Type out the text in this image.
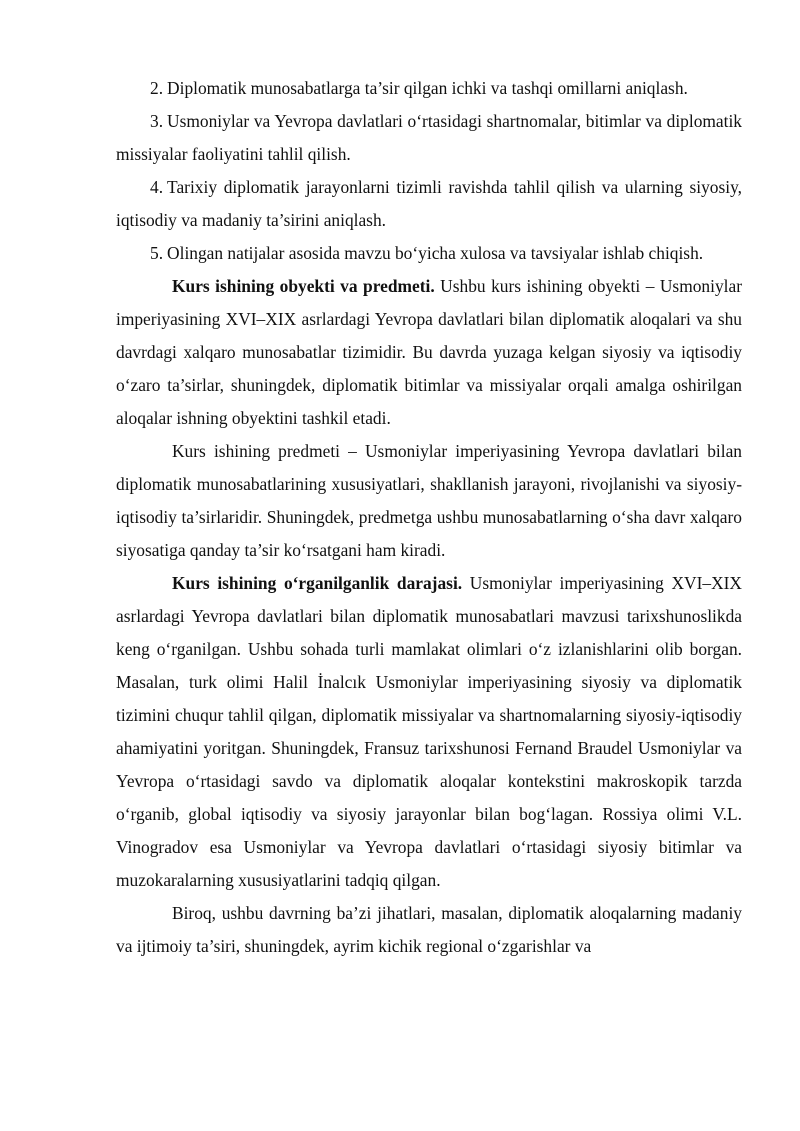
2. Diplomatik munosabatlarga ta’sir qilgan ichki va tashqi omillarni aniqlash.

3. Usmoniylar va Yevropa davlatlari o‘rtasidagi shartnomalar, bitimlar va diplomatik missiyalar faoliyatini tahlil qilish.

4. Tarixiy diplomatik jarayonlarni tizimli ravishda tahlil qilish va ularning siyosiy, iqtisodiy va madaniy ta’sirini aniqlash.

5. Olingan natijalar asosida mavzu bo‘yicha xulosa va tavsiyalar ishlab chiqish.

Kurs ishining obyekti va predmeti. Ushbu kurs ishining obyekti – Usmoniylar imperiyasining XVI–XIX asrlardagi Yevropa davlatlari bilan diplomatik aloqalari va shu davrdagi xalqaro munosabatlar tizimidir. Bu davrda yuzaga kelgan siyosiy va iqtisodiy o‘zaro ta’sirlar, shuningdek, diplomatik bitimlar va missiyalar orqali amalga oshirilgan aloqalar ishning obyektini tashkil etadi.

Kurs ishining predmeti – Usmoniylar imperiyasining Yevropa davlatlari bilan diplomatik munosabatlarining xususiyatlari, shakllanish jarayoni, rivojlanishi va siyosiy-iqtisodiy ta’sirlaridir. Shuningdek, predmetga ushbu munosabatlarning o‘sha davr xalqaro siyosatiga qanday ta’sir ko‘rsatgani ham kiradi.

Kurs ishining o‘rganilganlik darajasi. Usmoniylar imperiyasining XVI–XIX asrlardagi Yevropa davlatlari bilan diplomatik munosabatlari mavzusi tarixshunoslikda keng o‘rganilgan. Ushbu sohada turli mamlakat olimlari o‘z izlanishlarini olib borgan. Masalan, turk olimi Halil İnalcık Usmoniylar imperiyasining siyosiy va diplomatik tizimini chuqur tahlil qilgan, diplomatik missiyalar va shartnomalarning siyosiy-iqtisodiy ahamiyatini yoritgan. Shuningdek, Fransuz tarixshunosi Fernand Braudel Usmoniylar va Yevropa o‘rtasidagi savdo va diplomatik aloqalar kontekstini makroskopik tarzda o‘rganib, global iqtisodiy va siyosiy jarayonlar bilan bog‘lagan. Rossiya olimi V.L. Vinogradov esa Usmoniylar va Yevropa davlatlari o‘rtasidagi siyosiy bitimlar va muzokaralarning xususiyatlarini tadqiq qilgan.

Biroq, ushbu davrning ba’zi jihatlari, masalan, diplomatik aloqalarning madaniy va ijtimoiy ta’siri, shuningdek, ayrim kichik regional o‘zgarishlar va
